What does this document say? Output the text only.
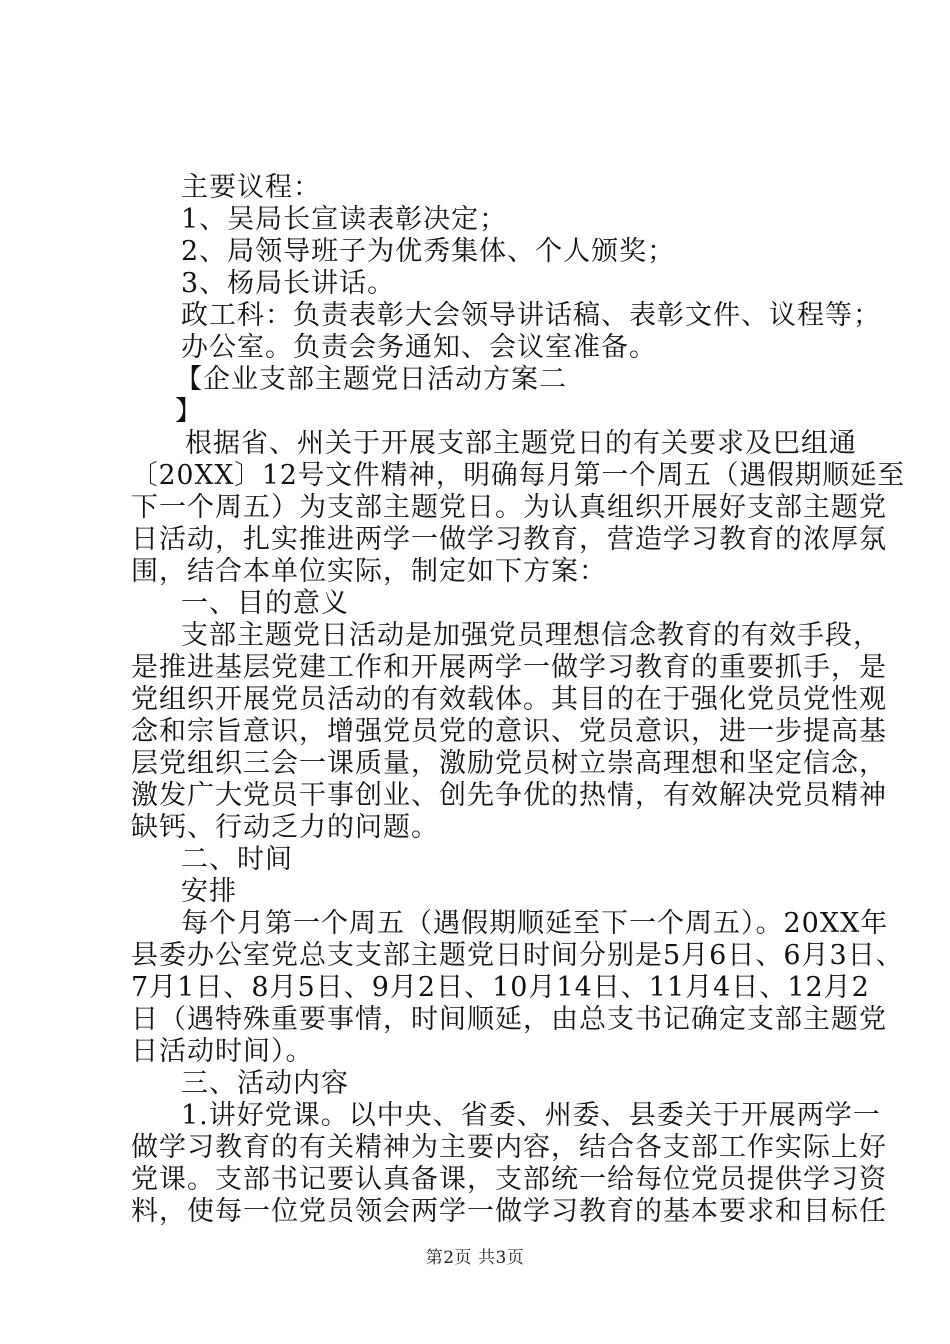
主要议程：
1、吴局长宣读表彰决定；
2、局领导班子为优秀集体、个人颁奖；
3、杨局长讲话。
政工科：负责表彰大会领导讲话稿、表彰文件、议程等；
办公室。负责会务通知、会议室准备。
【企业支部主题党日活动方案二
】
根据省、州关于开展支部主题党日的有关要求及巴组通
〔20XX〕12号文件精神，明确每月第一个周五（遇假期顺延至
下一个周五）为支部主题党日。为认真组织开展好支部主题党
日活动，扎实推进两学一做学习教育，营造学习教育的浓厚氛
围，结合本单位实际，制定如下方案：
一、目的意义
支部主题党日活动是加强党员理想信念教育的有效手段，
是推进基层党建工作和开展两学一做学习教育的重要抓手，是
党组织开展党员活动的有效载体。其目的在于强化党员党性观
念和宗旨意识，增强党员党的意识、党员意识，进一步提高基
层党组织三会一课质量，激励党员树立崇高理想和坚定信念，
激发广大党员干事创业、创先争优的热情，有效解决党员精神
缺钙、行动乏力的问题。
二、时间
安排
每个月第一个周五（遇假期顺延至下一个周五）。20XX年
县委办公室党总支支部主题党日时间分别是5月6日、6月3日、
7月1日、8月5日、9月2日、10月14日、11月4日、12月2
日（遇特殊重要事情，时间顺延，由总支书记确定支部主题党
日活动时间）。
三、活动内容
1.讲好党课。以中央、省委、州委、县委关于开展两学一
做学习教育的有关精神为主要内容，结合各支部工作实际上好
党课。支部书记要认真备课，支部统一给每位党员提供学习资
料，使每一位党员领会两学一做学习教育的基本要求和目标任
第2页 共3页
